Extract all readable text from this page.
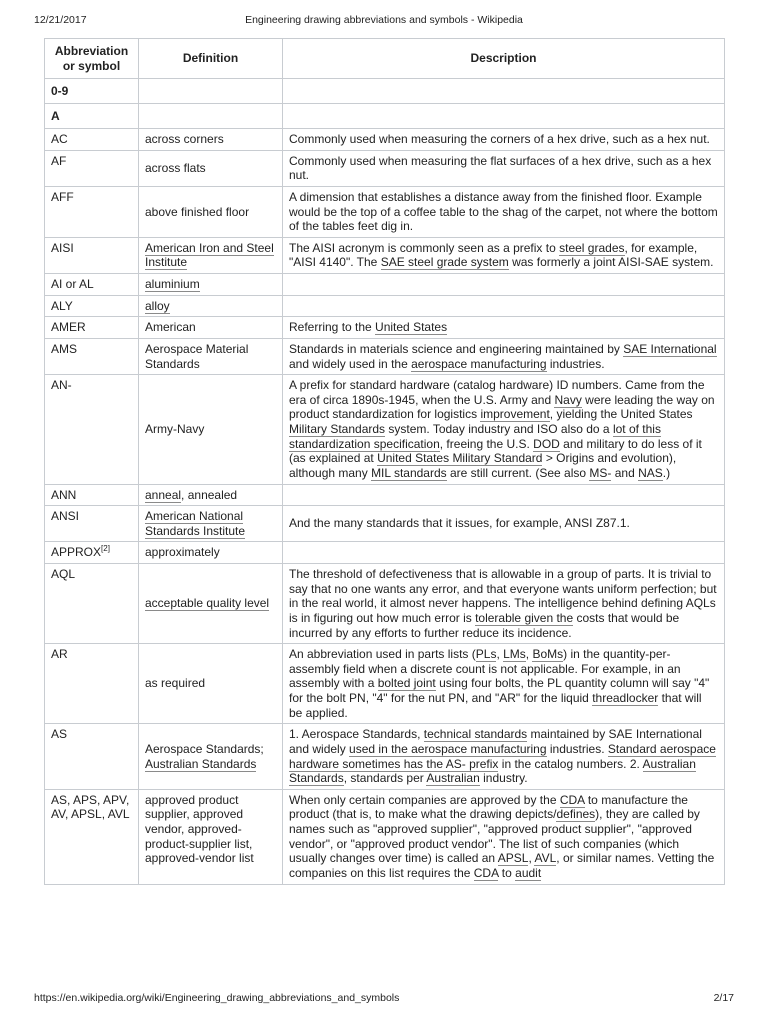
12/21/2017	Engineering drawing abbreviations and symbols - Wikipedia
Abbreviation or symbol	Definition	Description
0-9		
A		
AC	across corners	Commonly used when measuring the corners of a hex drive, such as a hex nut.
AF	across flats	Commonly used when measuring the flat surfaces of a hex drive, such as a hex nut.
AFF	above finished floor	A dimension that establishes a distance away from the finished floor. Example would be the top of a coffee table to the shag of the carpet, not where the bottom of the tables feet dig in.
AISI	American Iron and Steel Institute	The AISI acronym is commonly seen as a prefix to steel grades, for example, "AISI 4140". The SAE steel grade system was formerly a joint AISI-SAE system.
AI or AL	aluminium	
ALY	alloy	
AMER	American	Referring to the United States
AMS	Aerospace Material Standards	Standards in materials science and engineering maintained by SAE International and widely used in the aerospace manufacturing industries.
AN-	Army-Navy	A prefix for standard hardware (catalog hardware) ID numbers. Came from the era of circa 1890s-1945, when the U.S. Army and Navy were leading the way on product standardization for logistics improvement, yielding the United States Military Standards system. Today industry and ISO also do a lot of this standardization specification, freeing the U.S. DOD and military to do less of it (as explained at United States Military Standard > Origins and evolution), although many MIL standards are still current. (See also MS- and NAS.)
ANN	anneal, annealed	
ANSI	American National Standards Institute	And the many standards that it issues, for example, ANSI Z87.1.
APPROX[2]	approximately	
AQL	acceptable quality level	The threshold of defectiveness that is allowable in a group of parts. It is trivial to say that no one wants any error, and that everyone wants uniform perfection; but in the real world, it almost never happens. The intelligence behind defining AQLs is in figuring out how much error is tolerable given the costs that would be incurred by any efforts to further reduce its incidence.
AR	as required	An abbreviation used in parts lists (PLs, LMs, BoMs) in the quantity-per-assembly field when a discrete count is not applicable. For example, in an assembly with a bolted joint using four bolts, the PL quantity column will say "4" for the bolt PN, "4" for the nut PN, and "AR" for the liquid threadlocker that will be applied.
AS	Aerospace Standards; Australian Standards	1. Aerospace Standards, technical standards maintained by SAE International and widely used in the aerospace manufacturing industries. Standard aerospace hardware sometimes has the AS- prefix in the catalog numbers. 2. Australian Standards, standards per Australian industry.
AS, APS, APV, AV, APSL, AVL	approved product supplier, approved vendor, approved-product-supplier list, approved-vendor list	When only certain companies are approved by the CDA to manufacture the product (that is, to make what the drawing depicts/defines), they are called by names such as "approved supplier", "approved product supplier", "approved vendor", or "approved product vendor". The list of such companies (which usually changes over time) is called an APSL, AVL, or similar names. Vetting the companies on this list requires the CDA to audit
https://en.wikipedia.org/wiki/Engineering_drawing_abbreviations_and_symbols	2/17
